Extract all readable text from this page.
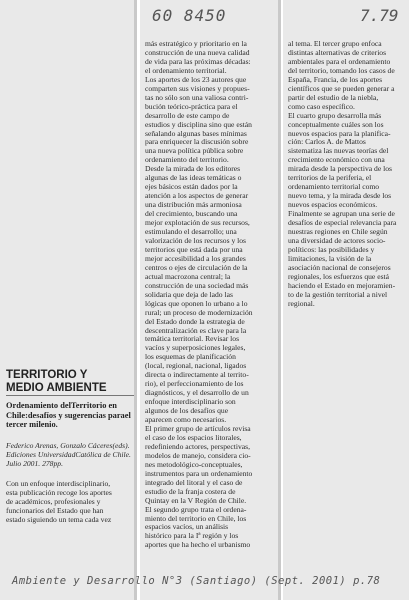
60 8450	7.79
Ambiente y Desarrollo N°3 (Santiago) (Sept. 2001) p.78
TERRITORIO Y
MEDIO AMBIENTE
Ordenamiento delTerritorio en Chile:desafíos y sugerencias parael tercer milenio.
Federico Arenas, Gonzalo Cáceres(eds). Ediciones UniversidadCatólica de Chile. Julio 2001. 278pp.
Con un enfoque interdisciplinario,
esta publicación recoge los aportes
de académicos, profesionales y
funcionarios del Estado que han
estado siguiendo un tema cada vez
más estratégico y prioritario en la
construcción de una nueva calidad
de vida para las próximas décadas:
el ordenamiento territorial.
Los aportes de los 23 autores que
comparten sus visiones y propues-
tas no sólo son una valiosa contri-
bución teórico-práctica para el
desarrollo de este campo de
estudios y disciplina sino que están
señalando algunas bases mínimas
para enriquecer la discusión sobre
una nueva política pública sobre
ordenamiento del territorio.
Desde la mirada de los editores
algunas de las ideas temáticas o
ejes básicos están dados por la
atención a los aspectos de generar
una distribución más armoniosa
del crecimiento, buscando una
mejor explotación de sus recursos,
estimulando el desarrollo; una
valorización de los recursos y los
territorios que está dada por una
mejor accesibilidad a los grandes
centros o ejes de circulación de la
actual macrozona central; la
construcción de una sociedad más
solidaria que deja de lado las
lógicas que oponen lo urbano a lo
rural; un proceso de modernización
del Estado donde la estrategia de
descentralización es clave para la
temática territorial. Revisar los
vacíos y superposiciones legales,
los esquemas de planificación
(local, regional, nacional, ligados
directa o indirectamente al territo-
rio), el perfeccionamiento de los
diagnósticos, y el desarrollo de un
enfoque interdisciplinario son
algunos de los desafíos que
aparecen como necesarios.
El primer grupo de artículos revisa
el caso de los espacios litorales,
redefiniendo actores, perspectivas,
modelos de manejo, considera cio-
nes metodológico-conceptuales,
instrumentos para un ordenamiento
integrado del litoral y el caso de
estudio de la franja costera de
Quintay en la V Región de Chile.
El segundo grupo trata el ordena-
miento del territorio en Chile, los
espacios vacíos, un análisis
histórico para la Iª región y los
aportes que ha hecho el urbanismo
al tema. El tercer grupo enfoca
distintas alternativas de criterios
ambientales para el ordenamiento
del territorio, tomando los casos de
España, Francia, de los aportes
científicos que se pueden generar a
partir del estudio de la niebla,
como caso específico.
El cuarto grupo desarrolla más
conceptualmente cuáles son los
nuevos espacios para la planifica-
ción: Carlos A. de Mattos
sistematiza las nuevas teorías del
crecimiento económico con una
mirada desde la perspectiva de los
territorios de la periferia, el
ordenamiento territorial como
nuevo tema, y la mirada desde los
nuevos espacios económicos.
Finalmente se agrupan una serie de
desafíos de especial relevancia para
nuestras regiones en Chile según
una diversidad de actores socio-
políticos: las posibilidades y
limitaciones, la visión de la
asociación nacional de consejeros
regionales, los esfuerzos que está
haciendo el Estado en mejoramien-
to de la gestión territorial a nivel
regional.
